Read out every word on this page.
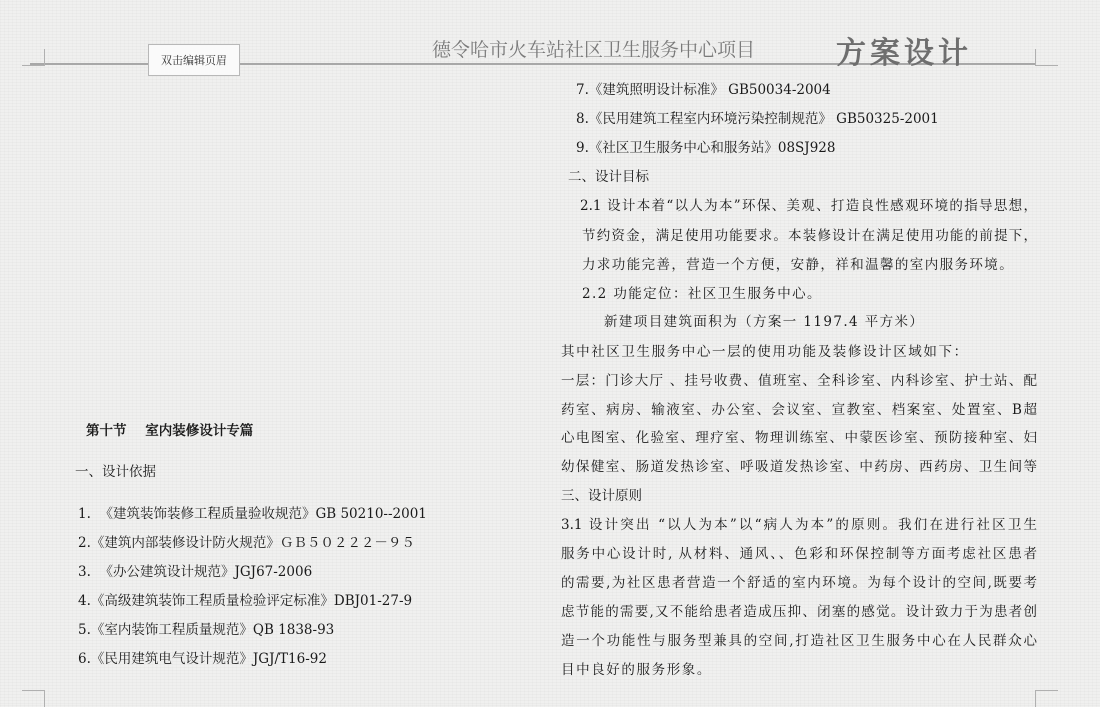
双击编辑页眉	德令哈市火车站社区卫生服务中心项目	方案设计
第十节    室内装修设计专篇
一、设计依据
1.  《建筑装饰装修工程质量验收规范》GB 50210--2001
2.《建筑内部装修设计防火规范》ＧＢ５０２２２－９５
3.  《办公建筑设计规范》JGJ67-2006
4.《高级建筑装饰工程质量检验评定标准》DBJ01-27-9
5.《室内装饰工程质量规范》QB 1838-93
6.《民用建筑电气设计规范》JGJ/T16-92
7.《建筑照明设计标准》 GB50034-2004
8.《民用建筑工程室内环境污染控制规范》 GB50325-2001
9.《社区卫生服务中心和服务站》08SJ928
二、设计目标
2.1 设计本着“以人为本”环保、美观、打造良性感观环境的指导思想，
节约资金，满足使用功能要求。本装修设计在满足使用功能的前提下，
力求功能完善，营造一个方便，安静，祥和温馨的室内服务环境。
2.2 功能定位：社区卫生服务中心。
新建项目建筑面积为（方案一 1197.4 平方米）
其中社区卫生服务中心一层的使用功能及装修设计区域如下：
一层：门诊大厅 、挂号收费、值班室、全科诊室、内科诊室、护士站、配
药室、病房、输液室、办公室、会议室、宣教室、档案室、处置室、B超
心电图室、化验室、理疗室、物理训练室、中蒙医诊室、预防接种室、妇
幼保健室、肠道发热诊室、呼吸道发热诊室、中药房、西药房、卫生间等
三、设计原则
3.1 设计突出 “以人为本”以“病人为本”的原则。我们在进行社区卫生
服务中心设计时, 从材料、通风、、色彩和环保控制等方面考虑社区患者
的需要,为社区患者营造一个舒适的室内环境。为每个设计的空间,既要考
虑节能的需要,又不能给患者造成压抑、闭塞的感觉。设计致力于为患者创
造一个功能性与服务型兼具的空间,打造社区卫生服务中心在人民群众心
目中良好的服务形象。
